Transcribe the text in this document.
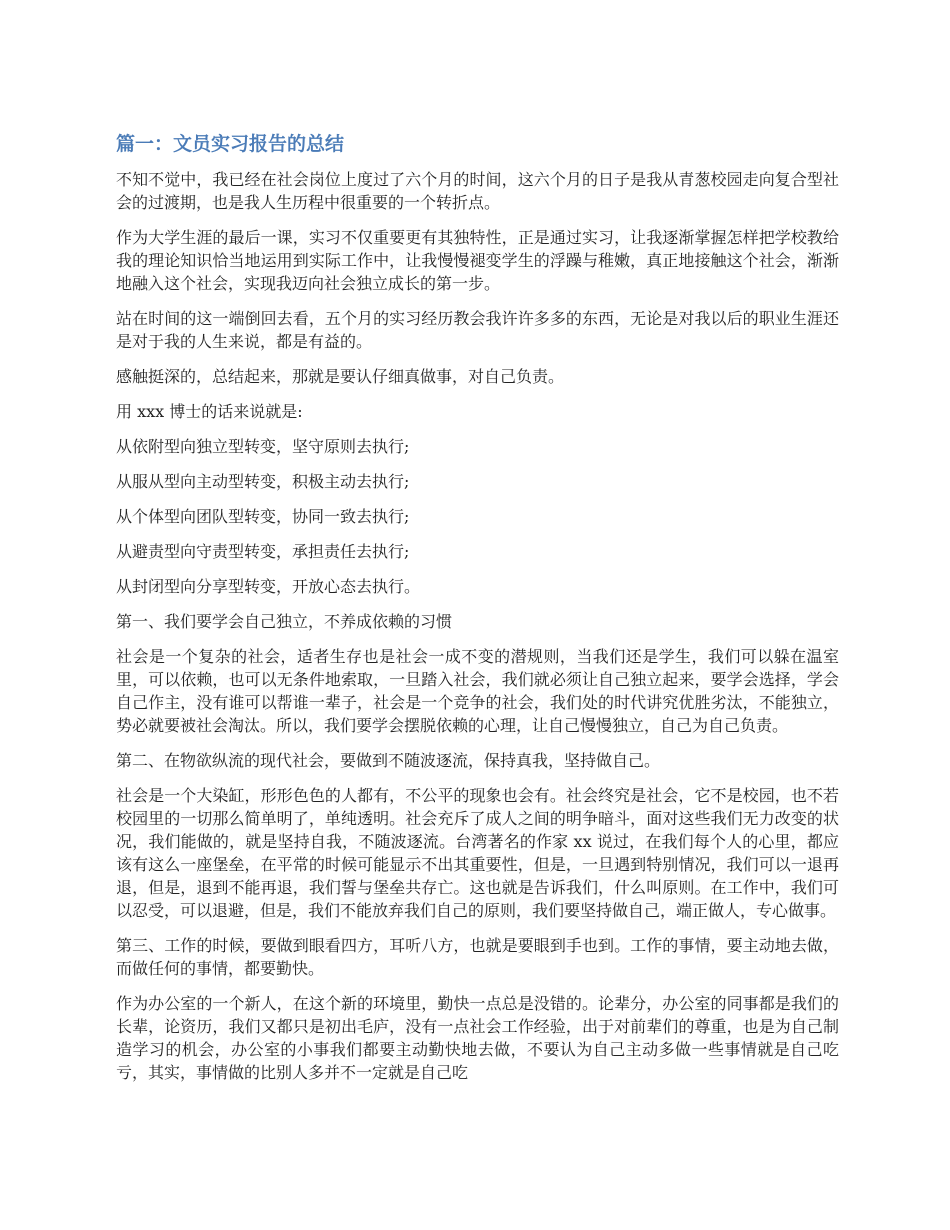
篇一：文员实习报告的总结

不知不觉中，我已经在社会岗位上度过了六个月的时间，这六个月的日子是我从青葱校园走向复合型社会的过渡期，也是我人生历程中很重要的一个转折点。

作为大学生涯的最后一课，实习不仅重要更有其独特性，正是通过实习，让我逐渐掌握怎样把学校教给我的理论知识恰当地运用到实际工作中，让我慢慢褪变学生的浮躁与稚嫩，真正地接触这个社会，渐渐地融入这个社会，实现我迈向社会独立成长的第一步。

站在时间的这一端倒回去看，五个月的实习经历教会我许许多多的东西，无论是对我以后的职业生涯还是对于我的人生来说，都是有益的。

感触挺深的，总结起来，那就是要认仔细真做事，对自己负责。

用 xxx 博士的话来说就是:

从依附型向独立型转变，坚守原则去执行;

从服从型向主动型转变，积极主动去执行;

从个体型向团队型转变，协同一致去执行;

从避责型向守责型转变，承担责任去执行;

从封闭型向分享型转变，开放心态去执行。

第一、我们要学会自己独立，不养成依赖的习惯

社会是一个复杂的社会，适者生存也是社会一成不变的潜规则，当我们还是学生，我们可以躲在温室里，可以依赖，也可以无条件地索取，一旦踏入社会，我们就必须让自己独立起来，要学会选择，学会自己作主，没有谁可以帮谁一辈子，社会是一个竞争的社会，我们处的时代讲究优胜劣汰，不能独立，势必就要被社会淘汰。所以，我们要学会摆脱依赖的心理，让自己慢慢独立，自己为自己负责。

第二、在物欲纵流的现代社会，要做到不随波逐流，保持真我，坚持做自己。

社会是一个大染缸，形形色色的人都有，不公平的现象也会有。社会终究是社会，它不是校园，也不若校园里的一切那么简单明了，单纯透明。社会充斥了成人之间的明争暗斗，面对这些我们无力改变的状况，我们能做的，就是坚持自我，不随波逐流。台湾著名的作家 xx 说过，在我们每个人的心里，都应该有这么一座堡垒，在平常的时候可能显示不出其重要性，但是，一旦遇到特别情况，我们可以一退再退，但是，退到不能再退，我们誓与堡垒共存亡。这也就是告诉我们，什么叫原则。在工作中，我们可以忍受，可以退避，但是，我们不能放弃我们自己的原则，我们要坚持做自己，端正做人，专心做事。

第三、工作的时候，要做到眼看四方，耳听八方，也就是要眼到手也到。工作的事情，要主动地去做，而做任何的事情，都要勤快。

作为办公室的一个新人，在这个新的环境里，勤快一点总是没错的。论辈分，办公室的同事都是我们的长辈，论资历，我们又都只是初出毛庐，没有一点社会工作经验，出于对前辈们的尊重，也是为自己制造学习的机会，办公室的小事我们都要主动勤快地去做，不要认为自己主动多做一些事情就是自己吃亏，其实，事情做的比别人多并不一定就是自己吃
